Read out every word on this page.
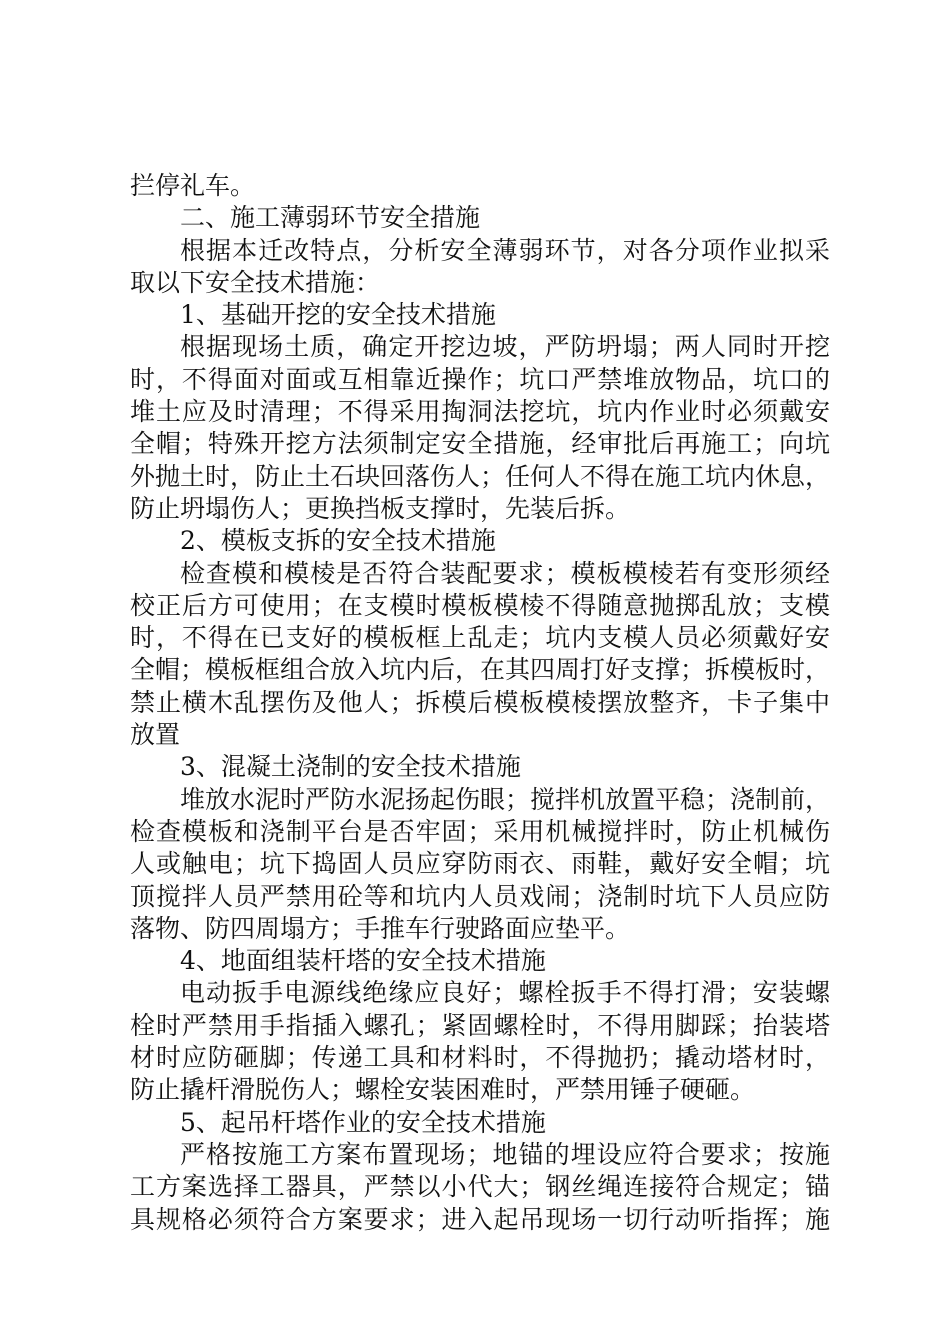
拦停礼车。
二、施工薄弱环节安全措施
根据本迁改特点，分析安全薄弱环节，对各分项作业拟采
取以下安全技术措施：
1、基础开挖的安全技术措施
根据现场土质，确定开挖边坡，严防坍塌；两人同时开挖
时，不得面对面或互相靠近操作；坑口严禁堆放物品，坑口的
堆土应及时清理；不得采用掏洞法挖坑，坑内作业时必须戴安
全帽；特殊开挖方法须制定安全措施，经审批后再施工；向坑
外抛土时，防止土石块回落伤人；任何人不得在施工坑内休息，
防止坍塌伤人；更换挡板支撑时，先装后拆。
2、模板支拆的安全技术措施
检查模和模棱是否符合装配要求；模板模棱若有变形须经
校正后方可使用；在支模时模板模棱不得随意抛掷乱放；支模
时，不得在已支好的模板框上乱走；坑内支模人员必须戴好安
全帽；模板框组合放入坑内后，在其四周打好支撑；拆模板时，
禁止横木乱摆伤及他人；拆模后模板模棱摆放整齐，卡子集中
放置
3、混凝土浇制的安全技术措施
堆放水泥时严防水泥扬起伤眼；搅拌机放置平稳；浇制前，
检查模板和浇制平台是否牢固；采用机械搅拌时，防止机械伤
人或触电；坑下捣固人员应穿防雨衣、雨鞋，戴好安全帽；坑
顶搅拌人员严禁用砼等和坑内人员戏闹；浇制时坑下人员应防
落物、防四周塌方；手推车行驶路面应垫平。
4、地面组装杆塔的安全技术措施
电动扳手电源线绝缘应良好；螺栓扳手不得打滑；安装螺
栓时严禁用手指插入螺孔；紧固螺栓时，不得用脚踩；抬装塔
材时应防砸脚；传递工具和材料时，不得抛扔；撬动塔材时，
防止撬杆滑脱伤人；螺栓安装困难时，严禁用锤子硬砸。
5、起吊杆塔作业的安全技术措施
严格按施工方案布置现场；地锚的埋设应符合要求；按施
工方案选择工器具，严禁以小代大；钢丝绳连接符合规定；锚
具规格必须符合方案要求；进入起吊现场一切行动听指挥；施
